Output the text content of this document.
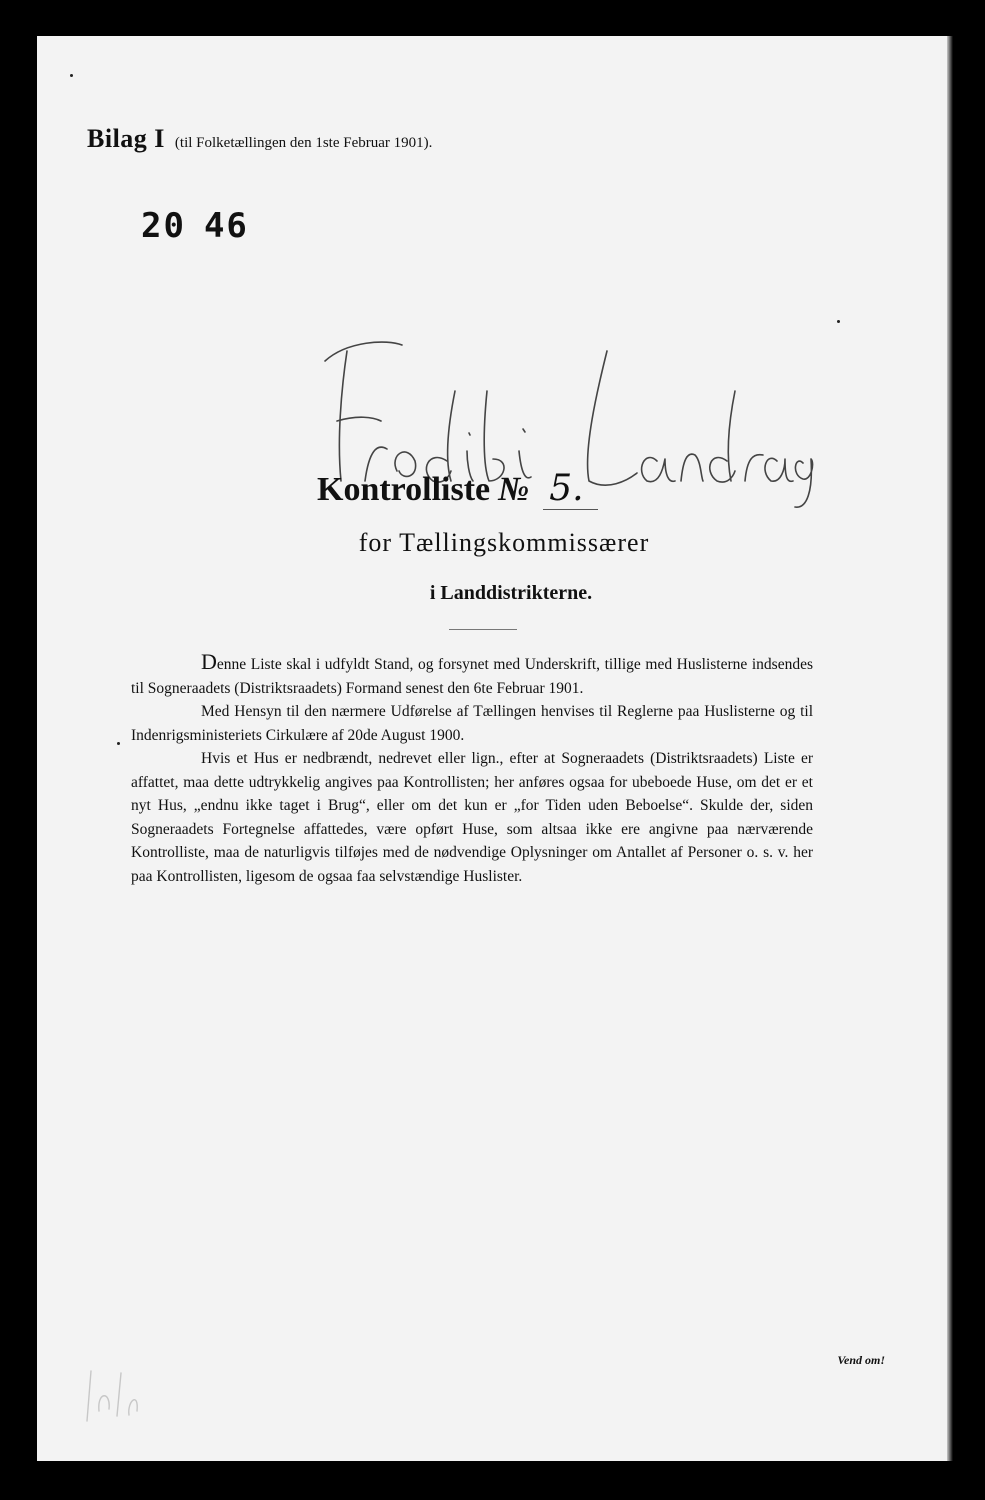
Bilag I (til Folketællingen den 1ste Februar 1901).
20 46
Kontrolliste № 5.
for Tællingskommissærer
i Landdistrikterne.

Denne Liste skal i udfyldt Stand, og forsynet med Underskrift, tillige med Huslisterne indsendes til Sogneraadets (Distriktsraadets) Formand senest den 6te Februar 1901.

Med Hensyn til den nærmere Udførelse af Tællingen henvises til Reglerne paa Huslisterne og til Indenrigsministeriets Cirkulære af 20de August 1900.

Hvis et Hus er nedbrændt, nedrevet eller lign., efter at Sogneraadets (Distriktsraadets) Liste er affattet, maa dette udtrykkelig angives paa Kontrollisten; her anføres ogsaa for ubeboede Huse, om det er et nyt Hus, „endnu ikke taget i Brug“, eller om det kun er „for Tiden uden Beboelse“. Skulde der, siden Sogneraadets Fortegnelse affattedes, være opført Huse, som altsaa ikke ere angivne paa nærværende Kontrolliste, maa de naturligvis tilføjes med de nødvendige Oplysninger om Antallet af Personer o. s. v. her paa Kontrollisten, ligesom de ogsaa faa selvstændige Huslister.

Vend om!
